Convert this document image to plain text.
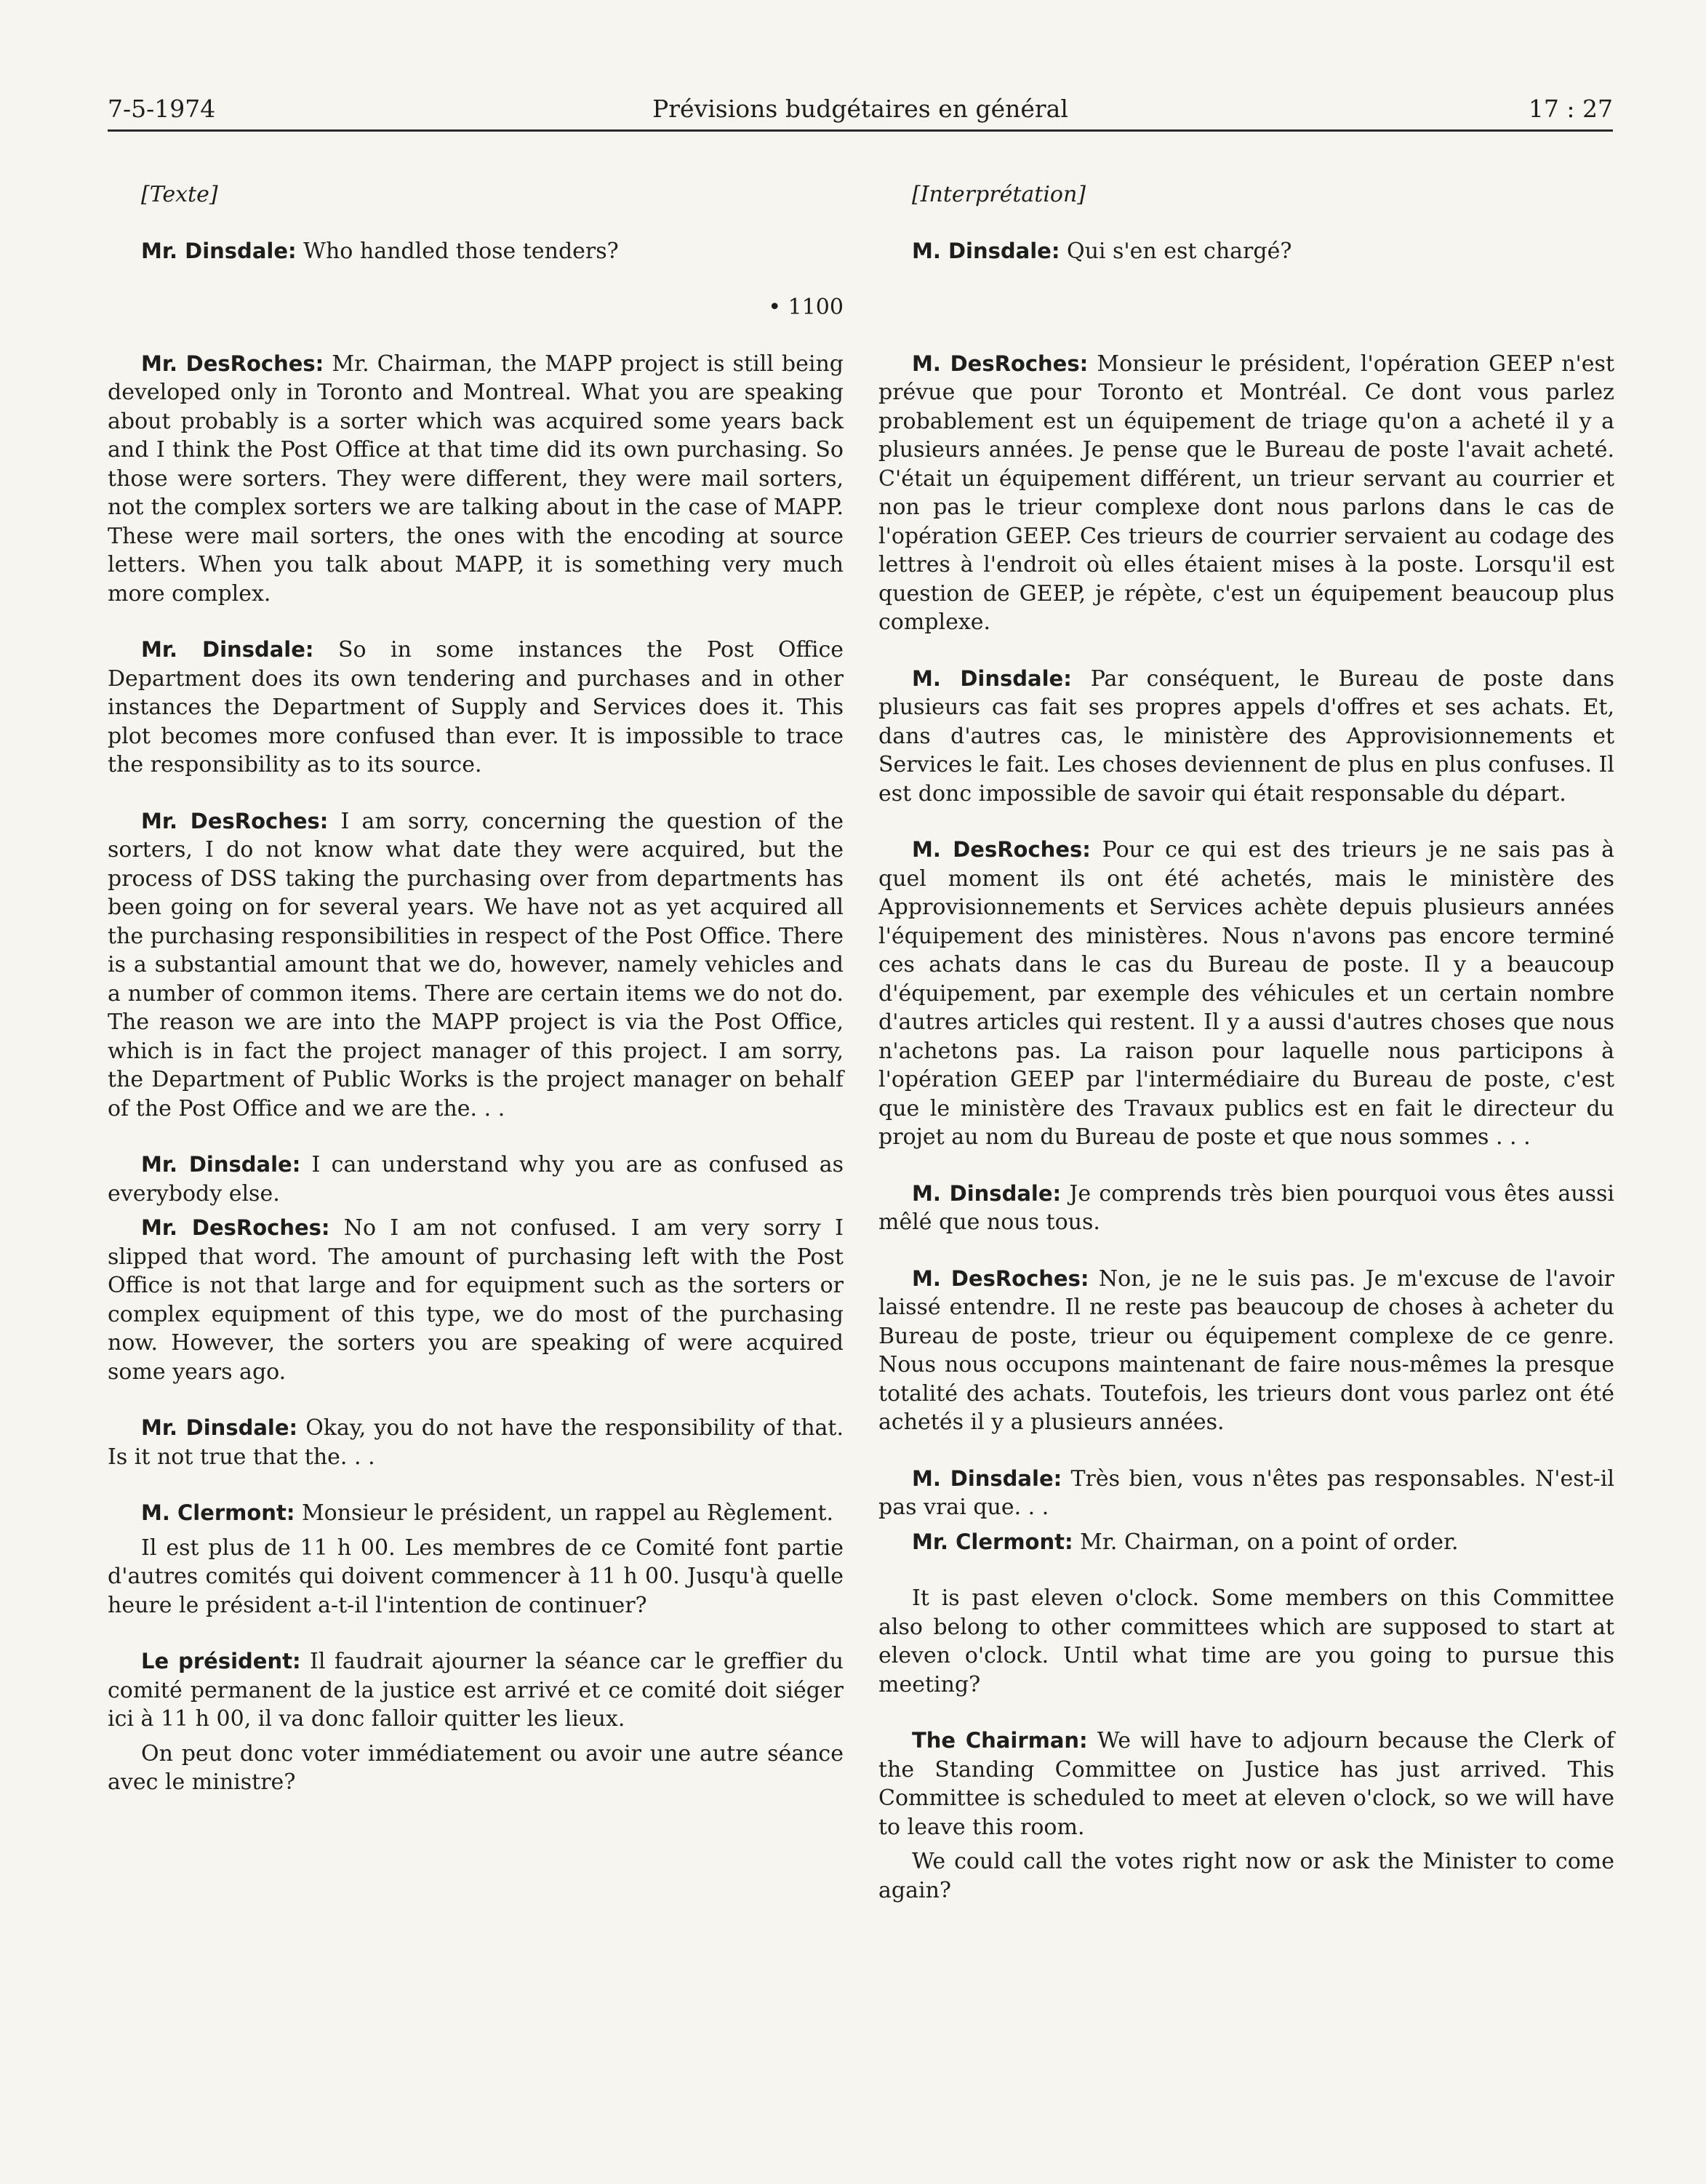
7-5-1974	Prévisions budgétaires en général	17 : 27

[Texte]

Mr. Dinsdale: Who handled those tenders?

• 1100

Mr. DesRoches: Mr. Chairman, the MAPP project is still being developed only in Toronto and Montreal. What you are speaking about probably is a sorter which was acquired some years back and I think the Post Office at that time did its own purchasing. So those were sorters. They were different, they were mail sorters, not the complex sorters we are talking about in the case of MAPP. These were mail sorters, the ones with the encoding at source letters. When you talk about MAPP, it is something very much more complex.

Mr. Dinsdale: So in some instances the Post Office Department does its own tendering and purchases and in other instances the Department of Supply and Services does it. This plot becomes more confused than ever. It is impossible to trace the responsibility as to its source.

Mr. DesRoches: I am sorry, concerning the question of the sorters, I do not know what date they were acquired, but the process of DSS taking the purchasing over from departments has been going on for several years. We have not as yet acquired all the purchasing responsibilities in respect of the Post Office. There is a substantial amount that we do, however, namely vehicles and a number of common items. There are certain items we do not do. The reason we are into the MAPP project is via the Post Office, which is in fact the project manager of this project. I am sorry, the Department of Public Works is the project manager on behalf of the Post Office and we are the. . .

Mr. Dinsdale: I can understand why you are as confused as everybody else.

Mr. DesRoches: No I am not confused. I am very sorry I slipped that word. The amount of purchasing left with the Post Office is not that large and for equipment such as the sorters or complex equipment of this type, we do most of the purchasing now. However, the sorters you are speaking of were acquired some years ago.

Mr. Dinsdale: Okay, you do not have the responsibility of that. Is it not true that the. . .

M. Clermont: Monsieur le président, un rappel au Règlement.

Il est plus de 11 h 00. Les membres de ce Comité font partie d'autres comités qui doivent commencer à 11 h 00. Jusqu'à quelle heure le président a-t-il l'intention de continuer?

Le président: Il faudrait ajourner la séance car le greffier du comité permanent de la justice est arrivé et ce comité doit siéger ici à 11 h 00, il va donc falloir quitter les lieux.

On peut donc voter immédiatement ou avoir une autre séance avec le ministre?

[Interprétation]

M. Dinsdale: Qui s'en est chargé?

M. DesRoches: Monsieur le président, l'opération GEEP n'est prévue que pour Toronto et Montréal. Ce dont vous parlez probablement est un équipement de triage qu'on a acheté il y a plusieurs années. Je pense que le Bureau de poste l'avait acheté. C'était un équipement différent, un trieur servant au courrier et non pas le trieur complexe dont nous parlons dans le cas de l'opération GEEP. Ces trieurs de courrier servaient au codage des lettres à l'endroit où elles étaient mises à la poste. Lorsqu'il est question de GEEP, je répète, c'est un équipement beaucoup plus complexe.

M. Dinsdale: Par conséquent, le Bureau de poste dans plusieurs cas fait ses propres appels d'offres et ses achats. Et, dans d'autres cas, le ministère des Approvisionnements et Services le fait. Les choses deviennent de plus en plus confuses. Il est donc impossible de savoir qui était responsable du départ.

M. DesRoches: Pour ce qui est des trieurs je ne sais pas à quel moment ils ont été achetés, mais le ministère des Approvisionnements et Services achète depuis plusieurs années l'équipement des ministères. Nous n'avons pas encore terminé ces achats dans le cas du Bureau de poste. Il y a beaucoup d'équipement, par exemple des véhicules et un certain nombre d'autres articles qui restent. Il y a aussi d'autres choses que nous n'achetons pas. La raison pour laquelle nous participons à l'opération GEEP par l'intermédiaire du Bureau de poste, c'est que le ministère des Travaux publics est en fait le directeur du projet au nom du Bureau de poste et que nous sommes . . .

M. Dinsdale: Je comprends très bien pourquoi vous êtes aussi mêlé que nous tous.

M. DesRoches: Non, je ne le suis pas. Je m'excuse de l'avoir laissé entendre. Il ne reste pas beaucoup de choses à acheter du Bureau de poste, trieur ou équipement complexe de ce genre. Nous nous occupons maintenant de faire nous-mêmes la presque totalité des achats. Toutefois, les trieurs dont vous parlez ont été achetés il y a plusieurs années.

M. Dinsdale: Très bien, vous n'êtes pas responsables. N'est-il pas vrai que. . .

Mr. Clermont: Mr. Chairman, on a point of order.

It is past eleven o'clock. Some members on this Committee also belong to other committees which are supposed to start at eleven o'clock. Until what time are you going to pursue this meeting?

The Chairman: We will have to adjourn because the Clerk of the Standing Committee on Justice has just arrived. This Committee is scheduled to meet at eleven o'clock, so we will have to leave this room.

We could call the votes right now or ask the Minister to come again?
